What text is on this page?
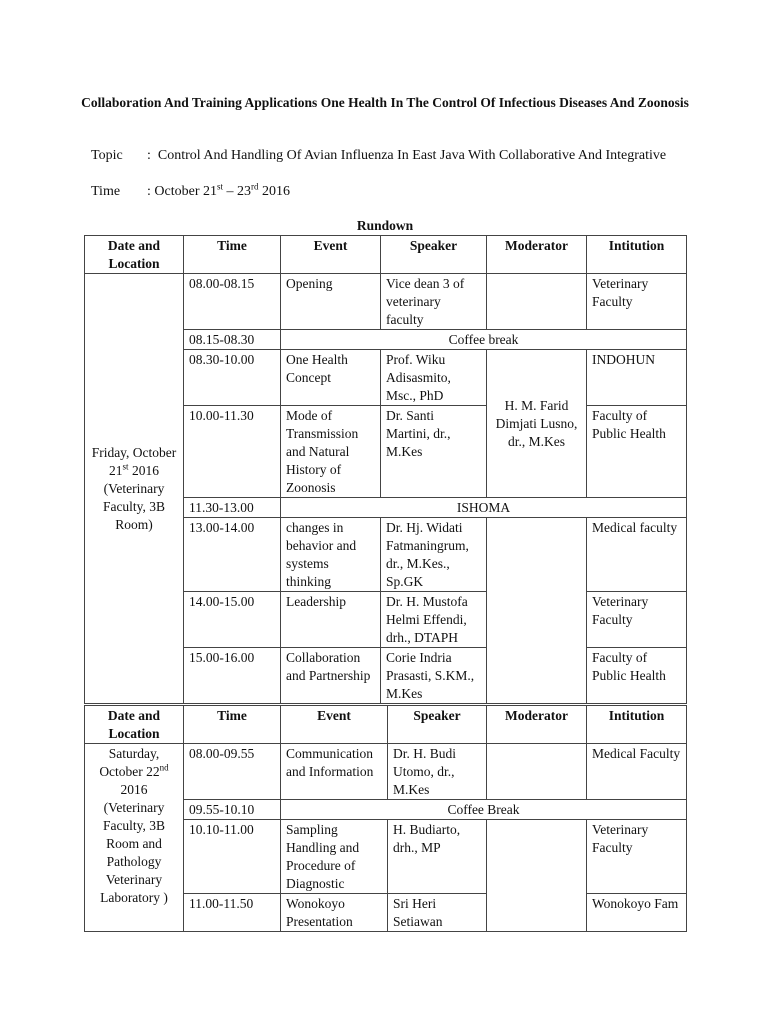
Collaboration And Training Applications One Health In The Control Of Infectious Diseases And Zoonosis
Topic : Control And Handling Of Avian Influenza In East Java With Collaborative And Integrative
Time : October 21st – 23rd 2016
Rundown
Date and Location	Time	Event	Speaker	Moderator	Intitution
Friday, October 21st 2016 (Veterinary Faculty, 3B Room)	08.00-08.15	Opening	Vice dean 3 of veterinary faculty		Veterinary Faculty
	08.15-08.30	Coffee break			
	08.30-10.00	One Health Concept	Prof. Wiku Adisasmito, Msc., PhD	H. M. Farid Dimjati Lusno, dr., M.Kes	INDOHUN
	10.00-11.30	Mode of Transmission and Natural History of Zoonosis	Dr. Santi Martini, dr., M.Kes		Faculty of Public Health
	11.30-13.00	ISHOMA			
	13.00-14.00	changes in behavior and systems thinking	Dr. Hj. Widati Fatmaningrum, dr., M.Kes., Sp.GK		Medical faculty
	14.00-15.00	Leadership	Dr. H. Mustofa Helmi Effendi, drh., DTAPH		Veterinary Faculty
	15.00-16.00	Collaboration and Partnership	Corie Indria Prasasti, S.KM., M.Kes		Faculty of Public Health
Date and Location	Time	Event	Speaker	Moderator	Intitution
Saturday, October 22nd 2016 (Veterinary Faculty, 3B Room and Pathology Veterinary Laboratory )	08.00-09.55	Communication and Information	Dr. H. Budi Utomo, dr., M.Kes		Medical Faculty
	09.55-10.10	Coffee Break			
	10.10-11.00	Sampling Handling and Procedure of Diagnostic	H. Budiarto, drh., MP		Veterinary Faculty
	11.00-11.50	Wonokoyo Presentation	Sri Heri Setiawan		Wonokoyo Fam
